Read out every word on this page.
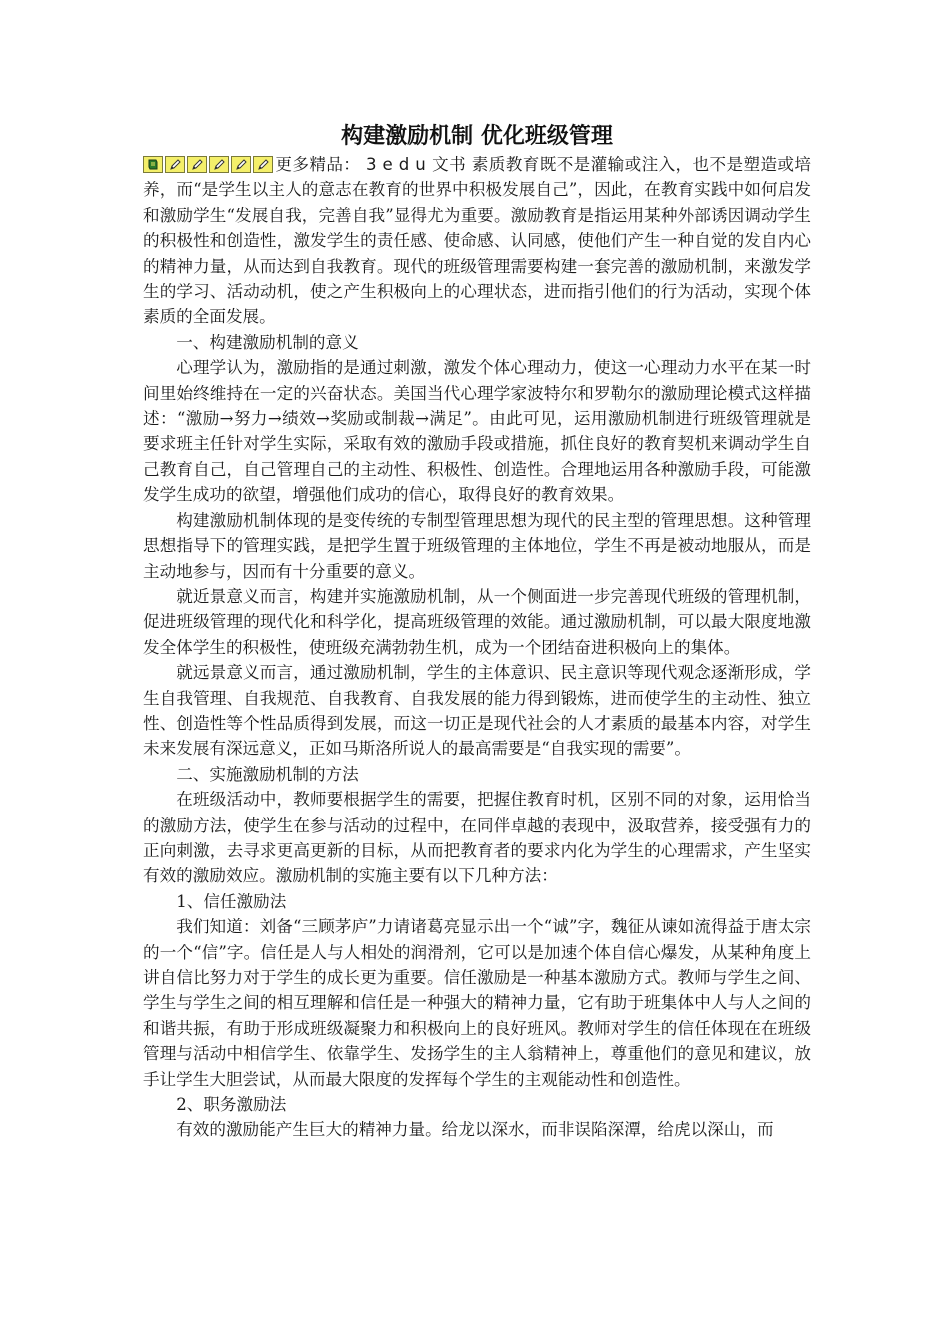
构建激励机制 优化班级管理

更多精品： 3edu文书 素质教育既不是灌输或注入，也不是塑造或培养，而“是学生以主人的意志在教育的世界中积极发展自己”，因此，在教育实践中如何启发和激励学生“发展自我，完善自我”显得尤为重要。激励教育是指运用某种外部诱因调动学生的积极性和创造性，激发学生的责任感、使命感、认同感，使他们产生一种自觉的发自内心的精神力量，从而达到自我教育。现代的班级管理需要构建一套完善的激励机制，来激发学生的学习、活动动机，使之产生积极向上的心理状态，进而指引他们的行为活动，实现个体素质的全面发展。

一、构建激励机制的意义

心理学认为，激励指的是通过刺激，激发个体心理动力，使这一心理动力水平在某一时间里始终维持在一定的兴奋状态。美国当代心理学家波特尔和罗勒尔的激励理论模式这样描述：“激励→努力→绩效→奖励或制裁→满足”。由此可见，运用激励机制进行班级管理就是要求班主任针对学生实际，采取有效的激励手段或措施，抓住良好的教育契机来调动学生自己教育自己，自己管理自己的主动性、积极性、创造性。合理地运用各种激励手段，可能激发学生成功的欲望，增强他们成功的信心，取得良好的教育效果。

构建激励机制体现的是变传统的专制型管理思想为现代的民主型的管理思想。这种管理思想指导下的管理实践，是把学生置于班级管理的主体地位，学生不再是被动地服从，而是主动地参与，因而有十分重要的意义。

就近景意义而言，构建并实施激励机制，从一个侧面进一步完善现代班级的管理机制，促进班级管理的现代化和科学化，提高班级管理的效能。通过激励机制，可以最大限度地激发全体学生的积极性，使班级充满勃勃生机，成为一个团结奋进积极向上的集体。

就远景意义而言，通过激励机制，学生的主体意识、民主意识等现代观念逐渐形成，学生自我管理、自我规范、自我教育、自我发展的能力得到锻炼，进而使学生的主动性、独立性、创造性等个性品质得到发展，而这一切正是现代社会的人才素质的最基本内容，对学生未来发展有深远意义，正如马斯洛所说人的最高需要是“自我实现的需要”。

二、实施激励机制的方法

在班级活动中，教师要根据学生的需要，把握住教育时机，区别不同的对象，运用恰当的激励方法，使学生在参与活动的过程中，在同伴卓越的表现中，汲取营养，接受强有力的正向刺激，去寻求更高更新的目标，从而把教育者的要求内化为学生的心理需求，产生坚实有效的激励效应。激励机制的实施主要有以下几种方法：

1、信任激励法

我们知道：刘备“三顾茅庐”力请诸葛亮显示出一个“诚”字，魏征从谏如流得益于唐太宗的一个“信”字。信任是人与人相处的润滑剂，它可以是加速个体自信心爆发，从某种角度上讲自信比努力对于学生的成长更为重要。信任激励是一种基本激励方式。教师与学生之间、学生与学生之间的相互理解和信任是一种强大的精神力量，它有助于班集体中人与人之间的和谐共振，有助于形成班级凝聚力和积极向上的良好班风。教师对学生的信任体现在在班级管理与活动中相信学生、依靠学生、发扬学生的主人翁精神上，尊重他们的意见和建议，放手让学生大胆尝试，从而最大限度的发挥每个学生的主观能动性和创造性。

2、职务激励法

有效的激励能产生巨大的精神力量。给龙以深水，而非误陷深潭，给虎以深山，而
